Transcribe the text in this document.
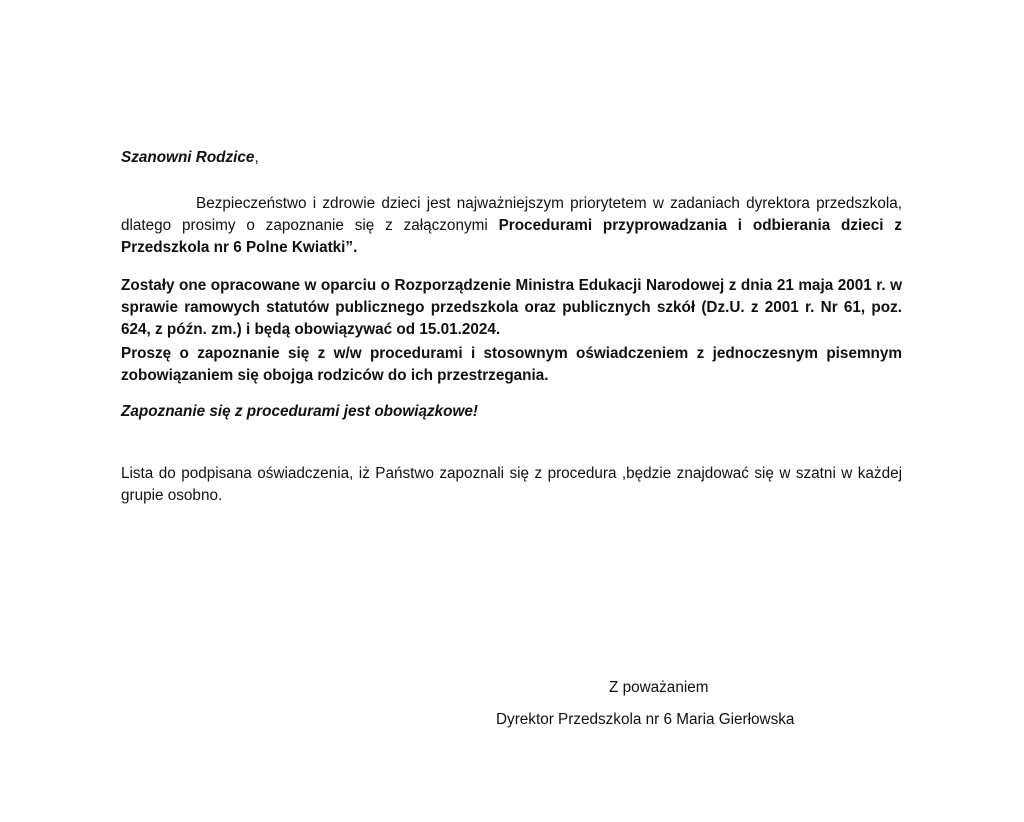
Szanowni Rodzice,
Bezpieczeństwo i zdrowie dzieci jest najważniejszym priorytetem w zadaniach dyrektora przedszkola, dlatego prosimy o zapoznanie się z załączonymi Procedurami przyprowadzania i odbierania dzieci z Przedszkola nr 6 Polne Kwiatki”.
Zostały one opracowane w oparciu o Rozporządzenie Ministra Edukacji Narodowej z dnia 21 maja 2001 r. w sprawie ramowych statutów publicznego przedszkola oraz publicznych szkół (Dz.U. z 2001 r. Nr 61, poz. 624, z późn. zm.) i będą obowiązywać od 15.01.2024.
Proszę o zapoznanie się z w/w procedurami i stosownym oświadczeniem z jednoczesnym pisemnym zobowiązaniem się obojga rodziców do ich przestrzegania.
Zapoznanie się z procedurami jest obowiązkowe!
Lista do podpisana oświadczenia, iż Państwo zapoznali się z procedura ,będzie znajdować się w szatni w każdej grupie osobno.
Z poważaniem
Dyrektor Przedszkola nr 6 Maria Gierłowska
